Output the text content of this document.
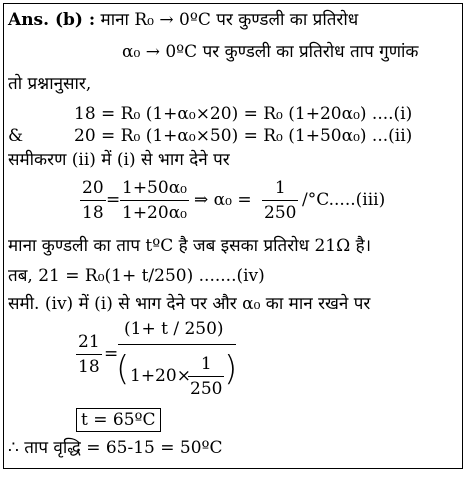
Ans. (b) : माना R₀ → 0ºC पर कुण्डली का प्रतिरोध
α₀ → 0ºC पर कुण्डली का प्रतिरोध ताप गुणांक
तो प्रश्नानुसार,
18 = R₀ (1+α₀×20) = R₀ (1+20α₀) ....(i)
&	20 = R₀ (1+α₀×50) = R₀ (1+50α₀) ...(ii)
समीकरण (ii) में (i) से भाग देने पर
20
18
=
1+50α₀
1+20α₀
⇒ α₀ =
1
250
/°C.....(iii)
माना कुण्डली का ताप tºC है जब इसका प्रतिरोध 21Ω है।
तब, 21 = R₀(1+ t/250) .......(iv)
समी. (iv) में (i) से भाग देने पर और α₀ का मान रखने पर
21
18
=
(1+ t / 250)
( 1+20×
1
250 )
t = 65ºC
∴ ताप वृद्धि = 65-15 = 50ºC
